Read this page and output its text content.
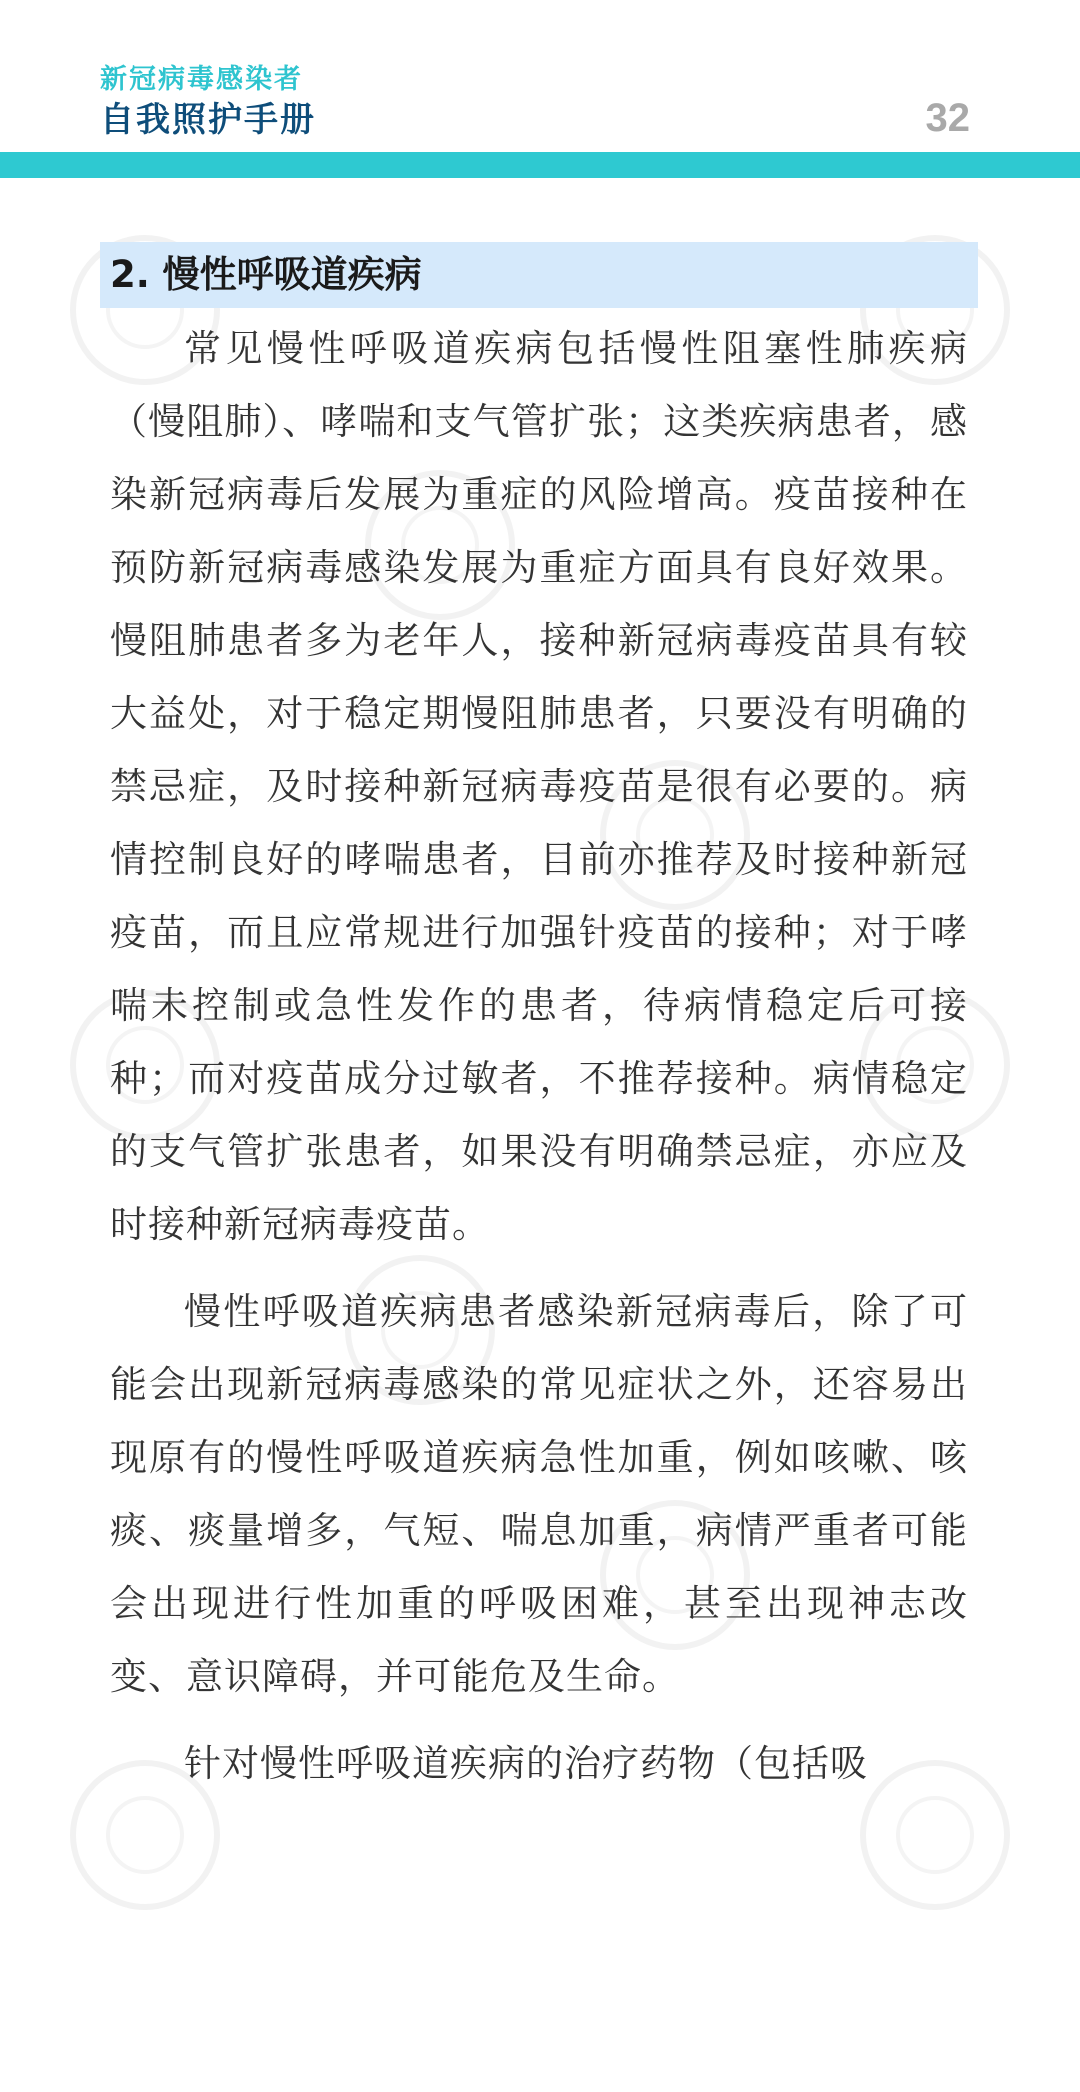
新冠病毒感染者
自我照护手册	32
2. 慢性呼吸道疾病

常见慢性呼吸道疾病包括慢性阻塞性肺疾病（慢阻肺）、哮喘和支气管扩张；这类疾病患者，感染新冠病毒后发展为重症的风险增高。疫苗接种在预防新冠病毒感染发展为重症方面具有良好效果。慢阻肺患者多为老年人，接种新冠病毒疫苗具有较大益处，对于稳定期慢阻肺患者，只要没有明确的禁忌症，及时接种新冠病毒疫苗是很有必要的。病情控制良好的哮喘患者，目前亦推荐及时接种新冠疫苗，而且应常规进行加强针疫苗的接种；对于哮喘未控制或急性发作的患者，待病情稳定后可接种；而对疫苗成分过敏者，不推荐接种。病情稳定的支气管扩张患者，如果没有明确禁忌症，亦应及时接种新冠病毒疫苗。

慢性呼吸道疾病患者感染新冠病毒后，除了可能会出现新冠病毒感染的常见症状之外，还容易出现原有的慢性呼吸道疾病急性加重，例如咳嗽、咳痰、痰量增多，气短、喘息加重，病情严重者可能会出现进行性加重的呼吸困难，甚至出现神志改变、意识障碍，并可能危及生命。

针对慢性呼吸道疾病的治疗药物（包括吸
